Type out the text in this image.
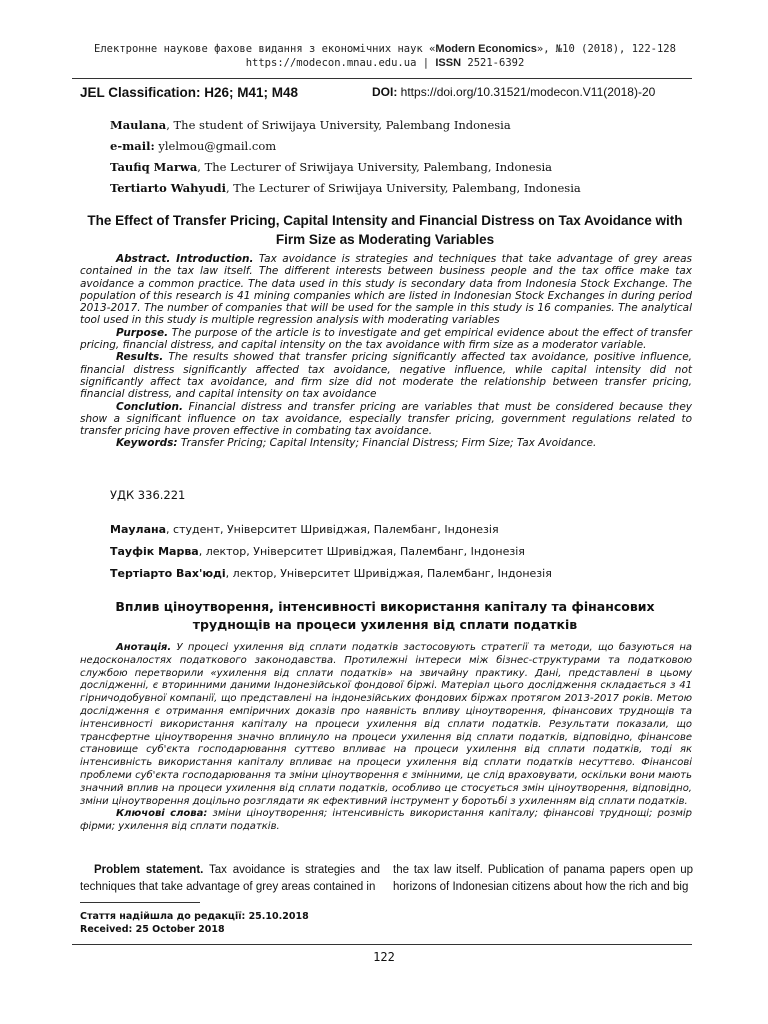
Електронне наукове фахове видання з економічних наук «Modern Economics», №10 (2018), 122-128
https://modecon.mnau.edu.ua | ISSN 2521-6392
JEL Classification: H26; M41; M48	DOI: https://doi.org/10.31521/modecon.V11(2018)-20
Maulana, The student of Sriwijaya University, Palembang Indonesia
e-mail: ylelmou@gmail.com
Taufiq Marwa, The Lecturer of Sriwijaya University, Palembang, Indonesia
Tertiarto Wahyudi, The Lecturer of Sriwijaya University, Palembang, Indonesia
The Effect of Transfer Pricing, Capital Intensity and Financial Distress on Tax Avoidance with Firm Size as Moderating Variables

Abstract. Introduction. Tax avoidance is strategies and techniques that take advantage of grey areas contained in the tax law itself. The different interests between business people and the tax office make tax avoidance a common practice. The data used in this study is secondary data from Indonesia Stock Exchange. The population of this research is 41 mining companies which are listed in Indonesian Stock Exchanges in during period 2013-2017. The number of companies that will be used for the sample in this study is 16 companies. The analytical tool used in this study is multiple regression analysis with moderating variables

Purpose. The purpose of the article is to investigate and get empirical evidence about the effect of transfer pricing, financial distress, and capital intensity on the tax avoidance with firm size as a moderator variable.

Results. The results showed that transfer pricing significantly affected tax avoidance, positive influence, financial distress significantly affected tax avoidance, negative influence, while capital intensity did not significantly affect tax avoidance, and firm size did not moderate the relationship between transfer pricing, financial distress, and capital intensity on tax avoidance

Conclution. Financial distress and transfer pricing are variables that must be considered because they show a significant influence on tax avoidance, especially transfer pricing, government regulations related to transfer pricing have proven effective in combating tax avoidance.

Keywords: Transfer Pricing; Capital Intensity; Financial Distress; Firm Size; Tax Avoidance.

УДК 336.221
Маулана, студент, Університет Шривіджая, Палембанг, Індонезія
Тауфік Марва, лектор, Університет Шривіджая, Палембанг, Індонезія
Тертіарто Вах'юді, лектор, Університет Шривіджая, Палембанг, Індонезія
Вплив ціноутворення, інтенсивності використання капіталу та фінансових труднощів на процеси ухилення від сплати податків

Анотація. У процесі ухилення від сплати податків застосовують стратегії та методи, що базуються на недосконалостях податкового законодавства. Протилежні інтереси між бізнес-структурами та податковою службою перетворили «ухилення від сплати податків» на звичайну практику. Дані, представлені в цьому дослідженні, є вторинними даними Індонезійської фондової біржі. Матеріал цього дослідження складається з 41 гірничодобувної компанії, що представлені на індонезійських фондових біржах протягом 2013-2017 років. Метою дослідження є отримання емпіричних доказів про наявність впливу ціноутворення, фінансових труднощів та інтенсивності використання капіталу на процеси ухилення від сплати податків. Результати показали, що трансфертне ціноутворення значно вплинуло на процеси ухилення від сплати податків, відповідно, фінансове становище суб'єкта господарювання суттєво впливає на процеси ухилення від сплати податків, тоді як інтенсивність використання капіталу впливає на процеси ухилення від сплати податків несуттєво. Фінансові проблеми суб'єкта господарювання та зміни ціноутворення є змінними, це слід враховувати, оскільки вони мають значний вплив на процеси ухилення від сплати податків, особливо це стосується змін ціноутворення, відповідно, зміни ціноутворення доцільно розглядати як ефективний інструмент у боротьбі з ухиленням від сплати податків.

Ключові слова: зміни ціноутворення; інтенсивність використання капіталу; фінансові труднощі; розмір фірми; ухилення від сплати податків.

Problem statement. Tax avoidance is strategies and techniques that take advantage of grey areas contained in
the tax law itself. Publication of panama papers open up horizons of Indonesian citizens about how the rich and big
Стаття надійшла до редакції: 25.10.2018
Received: 25 October 2018
122
